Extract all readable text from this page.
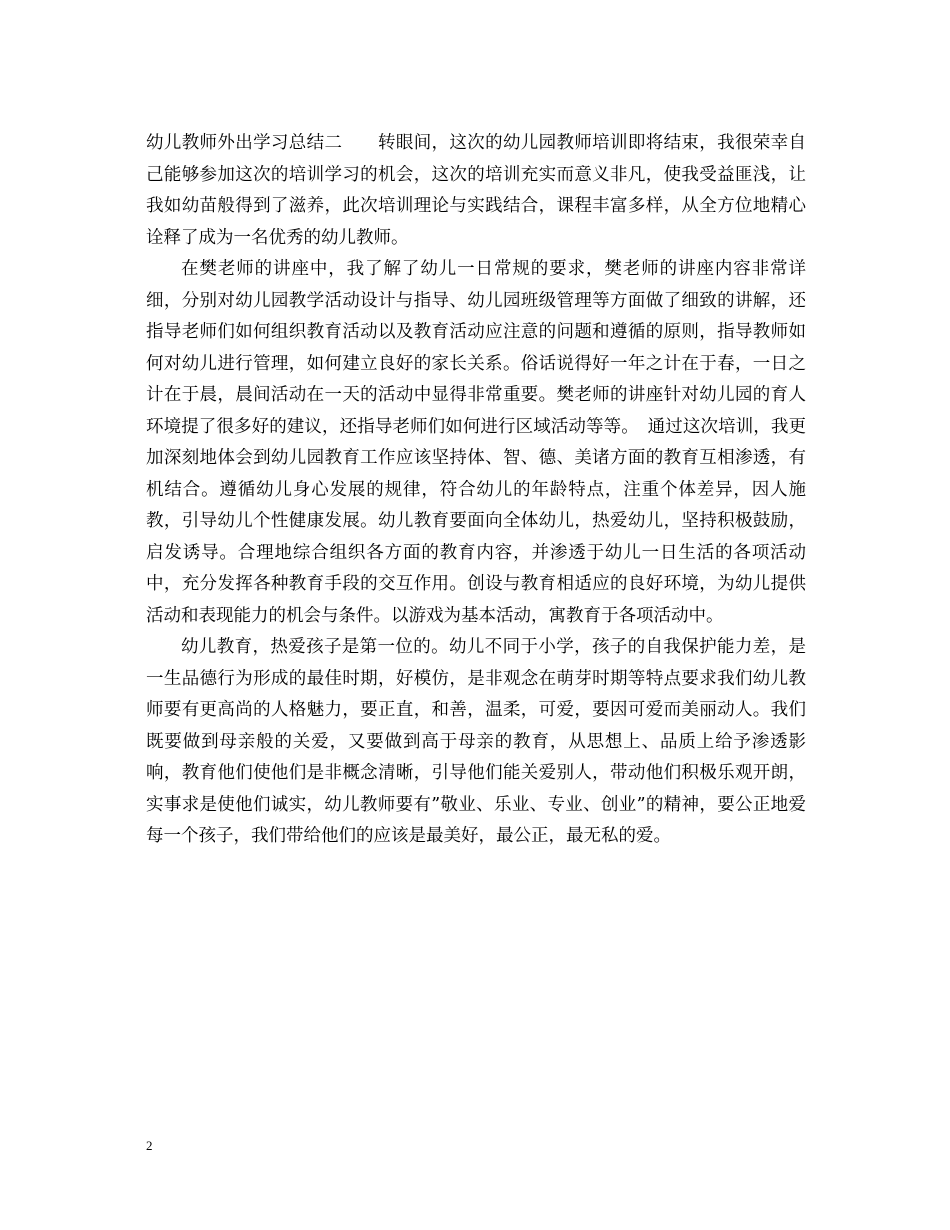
幼儿教师外出学习总结二　　转眼间，这次的幼儿园教师培训即将结束，我很荣幸自己能够参加这次的培训学习的机会，这次的培训充实而意义非凡，使我受益匪浅，让我如幼苗般得到了滋养，此次培训理论与实践结合，课程丰富多样，从全方位地精心诠释了成为一名优秀的幼儿教师。

在樊老师的讲座中，我了解了幼儿一日常规的要求，樊老师的讲座内容非常详细，分别对幼儿园教学活动设计与指导、幼儿园班级管理等方面做了细致的讲解，还指导老师们如何组织教育活动以及教育活动应注意的问题和遵循的原则，指导教师如何对幼儿进行管理，如何建立良好的家长关系。俗话说得好一年之计在于春，一日之计在于晨，晨间活动在一天的活动中显得非常重要。樊老师的讲座针对幼儿园的育人环境提了很多好的建议，还指导老师们如何进行区域活动等等。　通过这次培训，我更加深刻地体会到幼儿园教育工作应该坚持体、智、德、美诸方面的教育互相渗透，有机结合。遵循幼儿身心发展的规律，符合幼儿的年龄特点，注重个体差异，因人施教，引导幼儿个性健康发展。幼儿教育要面向全体幼儿，热爱幼儿，坚持积极鼓励，启发诱导。合理地综合组织各方面的教育内容，并渗透于幼儿一日生活的各项活动中，充分发挥各种教育手段的交互作用。创设与教育相适应的良好环境，为幼儿提供活动和表现能力的机会与条件。以游戏为基本活动，寓教育于各项活动中。

幼儿教育，热爱孩子是第一位的。幼儿不同于小学，孩子的自我保护能力差，是一生品德行为形成的最佳时期，好模仿，是非观念在萌芽时期等特点要求我们幼儿教师要有更高尚的人格魅力，要正直，和善，温柔，可爱，要因可爱而美丽动人。我们既要做到母亲般的关爱，又要做到高于母亲的教育，从思想上、品质上给予渗透影响，教育他们使他们是非概念清晰，引导他们能关爱别人，带动他们积极乐观开朗，实事求是使他们诚实，幼儿教师要有”敬业、乐业、专业、创业”的精神，要公正地爱每一个孩子，我们带给他们的应该是最美好，最公正，最无私的爱。

2
